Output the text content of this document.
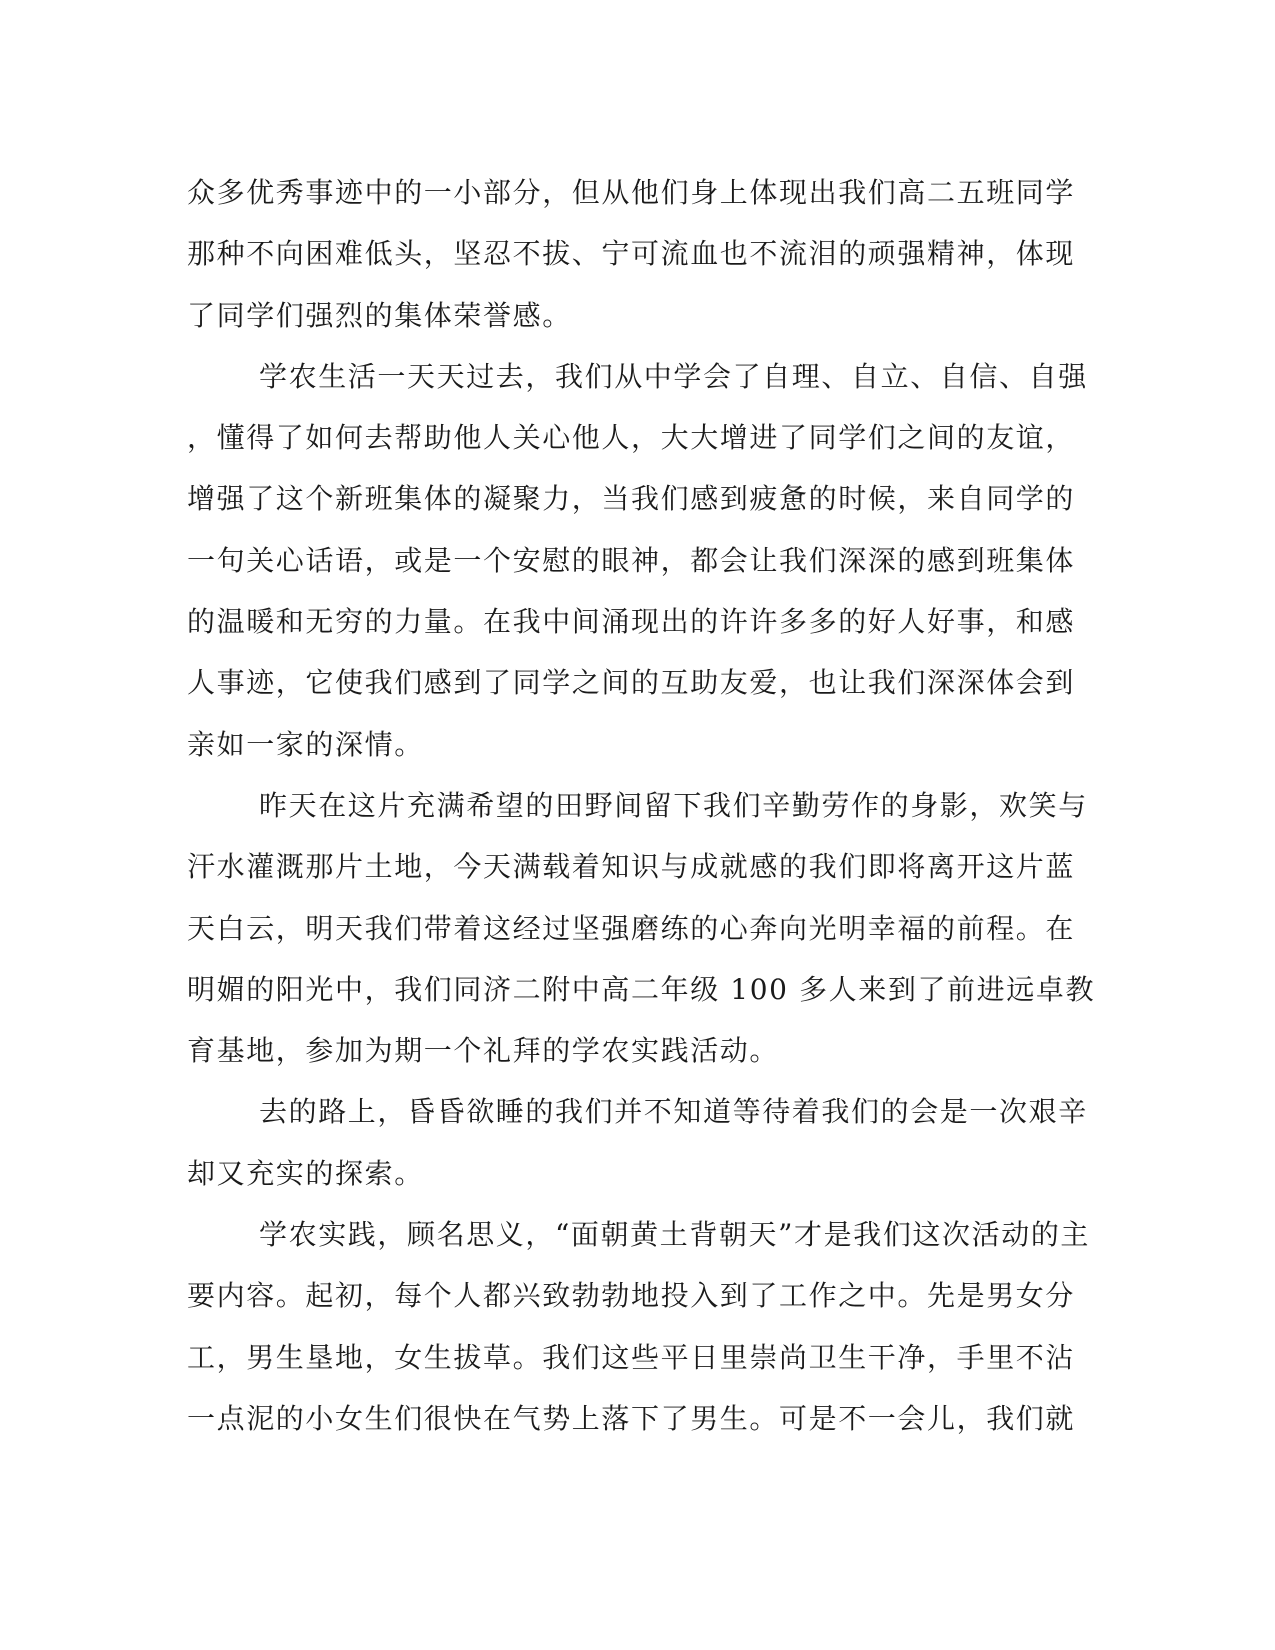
众多优秀事迹中的一小部分，但从他们身上体现出我们高二五班同学
那种不向困难低头，坚忍不拔、宁可流血也不流泪的顽强精神，体现
了同学们强烈的集体荣誉感。
学农生活一天天过去，我们从中学会了自理、自立、自信、自强
，懂得了如何去帮助他人关心他人，大大增进了同学们之间的友谊，
增强了这个新班集体的凝聚力，当我们感到疲惫的时候，来自同学的
一句关心话语，或是一个安慰的眼神，都会让我们深深的感到班集体
的温暖和无穷的力量。在我中间涌现出的许许多多的好人好事，和感
人事迹，它使我们感到了同学之间的互助友爱，也让我们深深体会到
亲如一家的深情。
昨天在这片充满希望的田野间留下我们辛勤劳作的身影，欢笑与
汗水灌溉那片土地，今天满载着知识与成就感的我们即将离开这片蓝
天白云，明天我们带着这经过坚强磨练的心奔向光明幸福的前程。在
明媚的阳光中，我们同济二附中高二年级 100 多人来到了前进远卓教
育基地，参加为期一个礼拜的学农实践活动。
去的路上，昏昏欲睡的我们并不知道等待着我们的会是一次艰辛
却又充实的探索。
学农实践，顾名思义，“面朝黄土背朝天”才是我们这次活动的主
要内容。起初，每个人都兴致勃勃地投入到了工作之中。先是男女分
工，男生垦地，女生拔草。我们这些平日里崇尚卫生干净，手里不沾
一点泥的小女生们很快在气势上落下了男生。可是不一会儿，我们就
